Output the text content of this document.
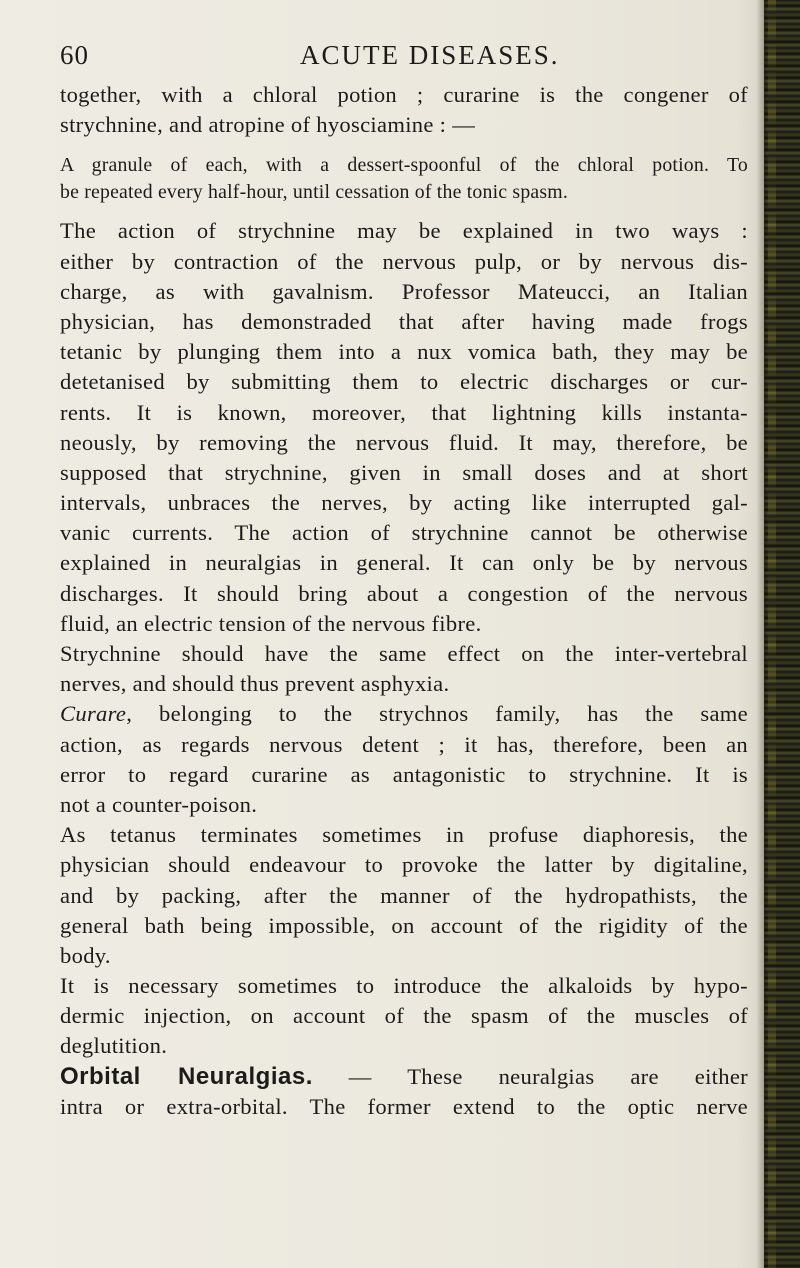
60	ACUTE DISEASES.
together, with a chloral potion ; curarine is the congener of
strychnine, and atropine of hyosciamine : —
A granule of each, with a dessert-spoonful of the chloral potion. To
be repeated every half-hour, until cessation of the tonic spasm.
The action of strychnine may be explained in two ways :
either by contraction of the nervous pulp, or by nervous dis-
charge, as with gavalnism. Professor Mateucci, an Italian
physician, has demonstraded that after having made frogs
tetanic by plunging them into a nux vomica bath, they may be
detetanised by submitting them to electric discharges or cur-
rents. It is known, moreover, that lightning kills instanta-
neously, by removing the nervous fluid. It may, therefore, be
supposed that strychnine, given in small doses and at short
intervals, unbraces the nerves, by acting like interrupted gal-
vanic currents. The action of strychnine cannot be otherwise
explained in neuralgias in general. It can only be by nervous
discharges. It should bring about a congestion of the nervous
fluid, an electric tension of the nervous fibre.
Strychnine should have the same effect on the inter-vertebral
nerves, and should thus prevent asphyxia.
Curare, belonging to the strychnos family, has the same
action, as regards nervous detent ; it has, therefore, been an
error to regard curarine as antagonistic to strychnine. It is
not a counter-poison.
As tetanus terminates sometimes in profuse diaphoresis, the
physician should endeavour to provoke the latter by digitaline,
and by packing, after the manner of the hydropathists, the
general bath being impossible, on account of the rigidity of the
body.
It is necessary sometimes to introduce the alkaloids by hypo-
dermic injection, on account of the spasm of the muscles of
deglutition.
Orbital Neuralgias. — These neuralgias are either
intra or extra-orbital. The former extend to the optic nerve
